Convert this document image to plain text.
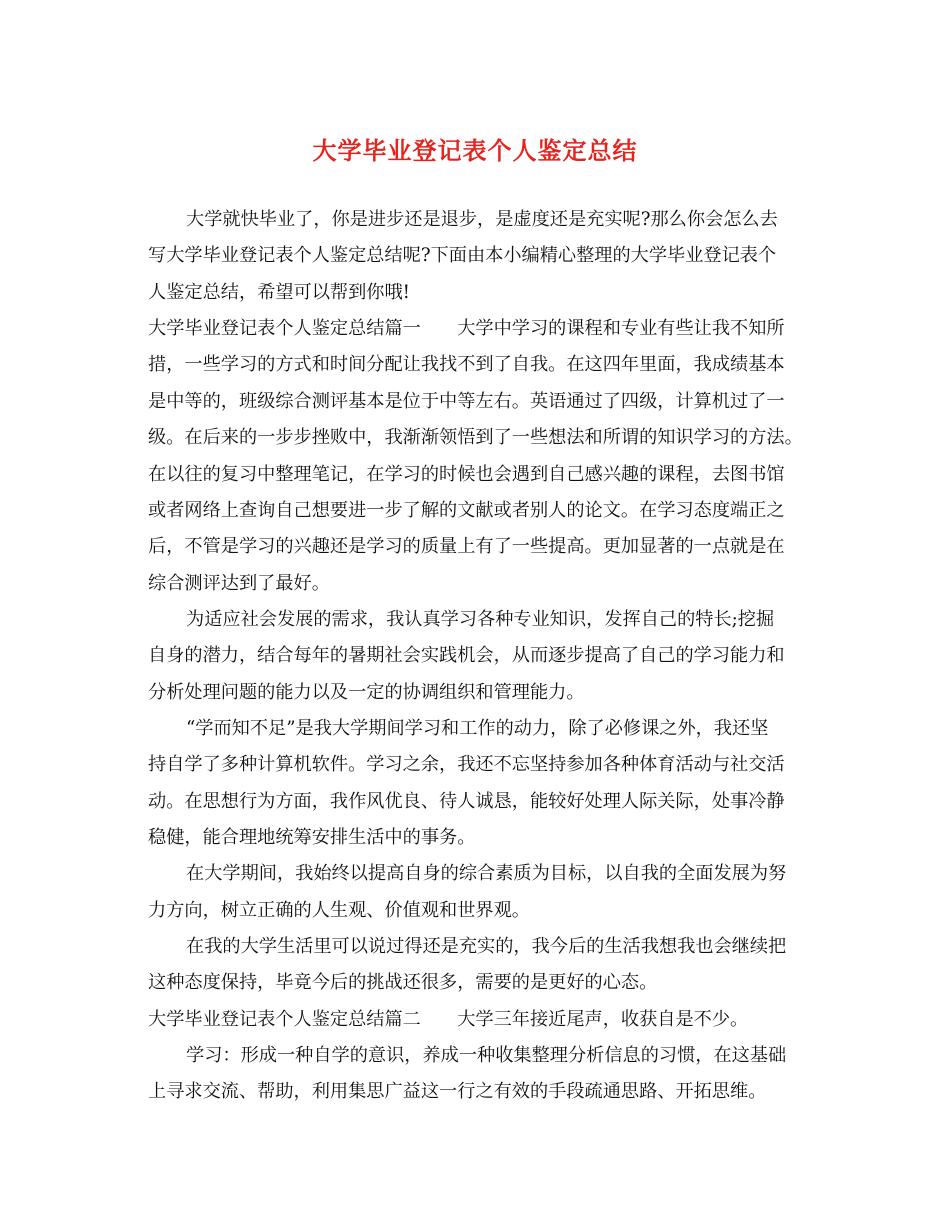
大学毕业登记表个人鉴定总结
大学就快毕业了，你是进步还是退步，是虚度还是充实呢?那么你会怎么去
写大学毕业登记表个人鉴定总结呢?下面由本小编精心整理的大学毕业登记表个
人鉴定总结，希望可以帮到你哦!
大学毕业登记表个人鉴定总结篇一　　大学中学习的课程和专业有些让我不知所
措，一些学习的方式和时间分配让我找不到了自我。在这四年里面，我成绩基本
是中等的，班级综合测评基本是位于中等左右。英语通过了四级，计算机过了一
级。在后来的一步步挫败中，我渐渐领悟到了一些想法和所谓的知识学习的方法。
在以往的复习中整理笔记，在学习的时候也会遇到自己感兴趣的课程，去图书馆
或者网络上查询自己想要进一步了解的文献或者别人的论文。在学习态度端正之
后，不管是学习的兴趣还是学习的质量上有了一些提高。更加显著的一点就是在
综合测评达到了最好。
为适应社会发展的需求，我认真学习各种专业知识，发挥自己的特长;挖掘
自身的潜力，结合每年的暑期社会实践机会，从而逐步提高了自己的学习能力和
分析处理问题的能力以及一定的协调组织和管理能力。
“学而知不足”是我大学期间学习和工作的动力，除了必修课之外，我还坚
持自学了多种计算机软件。学习之余，我还不忘坚持参加各种体育活动与社交活
动。在思想行为方面，我作风优良、待人诚恳，能较好处理人际关际，处事冷静
稳健，能合理地统筹安排生活中的事务。
在大学期间，我始终以提高自身的综合素质为目标，以自我的全面发展为努
力方向，树立正确的人生观、价值观和世界观。
在我的大学生活里可以说过得还是充实的，我今后的生活我想我也会继续把
这种态度保持，毕竟今后的挑战还很多，需要的是更好的心态。
大学毕业登记表个人鉴定总结篇二　　大学三年接近尾声，收获自是不少。
学习：形成一种自学的意识，养成一种收集整理分析信息的习惯，在这基础
上寻求交流、帮助，利用集思广益这一行之有效的手段疏通思路、开拓思维。
